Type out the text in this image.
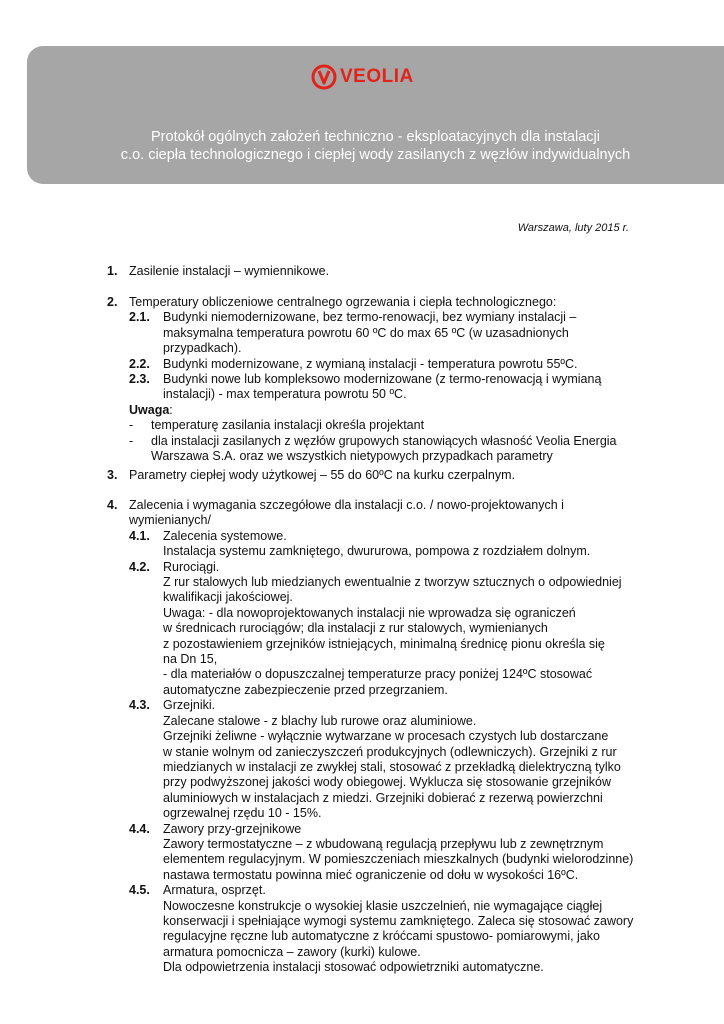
VEOLIA
Protokół ogólnych założeń techniczno - eksploatacyjnych dla instalacji
c.o. ciepła technologicznego i ciepłej wody zasilanych z węzłów indywidualnych
Warszawa, luty 2015 r.
1. Zasilenie instalacji – wymiennikowe.
2. Temperatury obliczeniowe centralnego ogrzewania i ciepła technologicznego:
2.1.	Budynki niemodernizowane, bez termo-renowacji, bez wymiany instalacji –
maksymalna temperatura powrotu 60 ºC do max 65 ºC (w uzasadnionych
przypadkach).
2.2.	Budynki modernizowane, z wymianą instalacji - temperatura powrotu 55ºC.
2.3.	Budynki nowe lub kompleksowo modernizowane (z termo-renowacją i wymianą
instalacji) - max temperatura powrotu 50 ºC.
Uwaga:
-	temperaturę zasilania instalacji określa projektant
-	dla instalacji zasilanych z węzłów grupowych stanowiących własność Veolia Energia
Warszawa S.A. oraz we wszystkich nietypowych przypadkach parametry
3. Parametry ciepłej wody użytkowej – 55 do 60ºC na kurku czerpalnym.
4. Zalecenia i wymagania szczegółowe dla instalacji c.o. / nowo-projektowanych i
wymienianych/
4.1.	Zalecenia systemowe.
Instalacja systemu zamkniętego, dwururowa, pompowa z rozdziałem dolnym.
4.2.	Rurociągi.
Z rur stalowych lub miedzianych ewentualnie z tworzyw sztucznych o odpowiedniej
kwalifikacji jakościowej.
Uwaga: - dla nowoprojektowanych instalacji nie wprowadza się ograniczeń
w średnicach rurociągów; dla instalacji z rur stalowych, wymienianych
z pozostawieniem grzejników istniejących, minimalną średnicę pionu określa się
na Dn 15,
- dla materiałów o dopuszczalnej temperaturze pracy poniżej 124ºC stosować
automatyczne zabezpieczenie przed przegrzaniem.
4.3.	Grzejniki.
Zalecane stalowe - z blachy lub rurowe oraz aluminiowe.
Grzejniki żeliwne - wyłącznie wytwarzane w procesach czystych lub dostarczane
w stanie wolnym od zanieczyszczeń produkcyjnych (odlewniczych). Grzejniki z rur
miedzianych w instalacji ze zwykłej stali, stosować z przekładką dielektryczną tylko
przy podwyższonej jakości wody obiegowej. Wyklucza się stosowanie grzejników
aluminiowych w instalacjach z miedzi. Grzejniki dobierać z rezerwą powierzchni
ogrzewalnej rzędu 10 - 15%.
4.4.	Zawory przy-grzejnikowe
Zawory termostatyczne – z wbudowaną regulacją przepływu lub z zewnętrznym
elementem regulacyjnym. W pomieszczeniach mieszkalnych (budynki wielorodzinne)
nastawa termostatu powinna mieć ograniczenie od dołu w wysokości 16ºC.
4.5.	Armatura, osprzęt.
Nowoczesne konstrukcje o wysokiej klasie uszczelnień, nie wymagające ciągłej
konserwacji i spełniające wymogi systemu zamkniętego. Zaleca się stosować zawory
regulacyjne ręczne lub automatyczne z króćcami spustowo- pomiarowymi, jako
armatura pomocnicza – zawory (kurki) kulowe.
Dla odpowietrzenia instalacji stosować odpowietrzniki automatyczne.
